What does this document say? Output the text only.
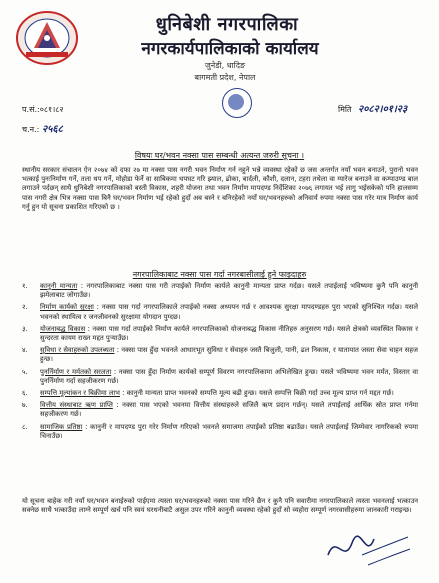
धुनिबेशी नगरपालिका
नगरकार्यपालिकाको कार्यालय
जुनेडी, धादिङ
बागमती प्रदेश, नेपाल
प.सं.:०८१।८२
च.न.: २५६८
मिति २०८२।०१।२३
विषयः घर/भवन नक्सा पास सम्बन्धी अत्यन्त जरुरी सूचना ।
स्थानीय सरकार संचालन ऐन २०७४ को दफा २७ मा नक्सा पास नगरी भवन निर्माण गर्न नहुने भन्ने व्यवस्था रहेको छ जस अन्तर्गत नयाँ भवन बनाउने, पुरानो भवन भत्काई पुनःनिर्माण गर्ने, तला थप गर्ने, मोहोडा फेर्ने वा साबिकमा थपघट गरि झ्याल, ढोका, बार्दली, कौशी, दलान, टहरा तथेला वा ग्यारेज बनाउने वा कम्पाउण्ड बाल लगाउने पर्दछन् साथै धुनिबेशी नगरपालिकाको बस्ती विकास, शहरी योजना तथा भवन निर्माण मापदण्ड निर्देशिका २०७६ लगायत भई लागु भईसकेको पनि हालसम्म पास नगरी क्षेत्र भित्र नक्सा पास बिनै घर/भवन निर्माण भई रहेको हुदाँ अब बस्ने र बनिरहेको नयाँ घर/भवनहरुको अनिवार्य रुपमा नक्सा पास गरेर मात्र निर्माण कार्य गर्नु हुन यो सूचना प्रकाशित गरिएको छ ।
नगरपालिकाबाट नक्सा पास गर्दा नगरबासीलाई हुने फाइदाहरु
१. कानुनी मान्यता : नगरपालिकाबाट नक्सा पास गरी तपाईको निर्माण कार्यले कानुनी मान्यता प्राप्त गर्दछ। यसले तपाईलाई भविष्यमा कुनै पनि कानुनी झमेलाबाट जोगाउँछ।
२. निर्माण कार्यको सुरक्षा : नक्सा पास गर्दा नगरपालिकाले तपाईको नक्सा अध्ययन गर्छ र आवश्यक सुरक्षा मापदण्डहरु पुरा भएको सुनिश्चित गर्दछ। यसले भवनको स्थायित्व र जनजीवनको सुरक्षामा योगदान पुग्दछ।
३. योजनाबद्ध विकास : नक्सा पास गर्दा तपाईको निर्माण कार्यले नगरपालिकाको योजनाबद्ध विकास नीतिहरु अनुसरण गर्छ। यसले क्षेत्रको व्यवस्थित विकास र सुन्दरता कायम राख्न मद्दत पुऱ्याउँछ।
४. सुविधा र सेवाहरुको उपलब्धता : नक्सा पास हुँदा भवनले आधारभूत सुविधा र सेवाहरु जस्तै बिजुली, पानी, ढल निकास, र यातायात जस्ता सेवा चाहन सहज हुन्छ।
५. पुनर्निर्माण र मर्मतको सरलता : नक्सा पास हुँदा निर्माण कार्यको सम्पूर्ण विवरण नगरपालिकामा अभिलेखित हुन्छ। यसले भविष्यमा भवन मर्मत, विस्तार वा पुनर्निर्माण गर्दा सहजीकरण गर्छ।
६. सम्पत्ति मूल्यांकन र बिक्रीमा लाभ : कानुनी मान्यता प्राप्त भवनको सम्पत्ति मूल्य बढी हुन्छ। यसले सम्पत्ति बिक्री गर्दा उच्च मूल्य प्राप्त गर्न मद्दत गर्छ।
७. वित्तीय संस्थाबाट ऋण प्राप्ति : नक्सा पास भएको भवनमा वित्तीय संस्थाहरुले सजिलै ऋण प्रदान गर्छन्। यसले तपाईलाई आर्थिक स्रोत प्राप्त गर्नमा सहजीकरण गर्छ।
८. सामाजिक प्रतिष्ठा : कानुनी र मापदण्ड पुरा गरेर निर्माण गरिएको भवनले समाजमा तपाईको प्रतिष्ठा बढाउँछ। यसले तपाईलाई जिम्मेवार नागरिकको रुपमा चिनाउँछ।
यो सूचना बाहेक गरी नयाँ घर/भवन बनाईरुको पाईएमा त्यस्ता घर/भवनहरुको नक्सा पास गरिने छैन र कुनै पनि सवारीमा नगरपालिकाले त्यस्ता भवनलाई भत्काउन सक्नेछ साथै भत्काउँदा लाग्ने सम्पूर्ण खर्च पनि स्वयं घरधनीबाटै असुल उपर गरिने कानुनी व्यवस्था रहेको हुदाँ सो व्यहोरा सम्पूर्ण नगरवासीहरुमा जानकारी गराइन्छ।
